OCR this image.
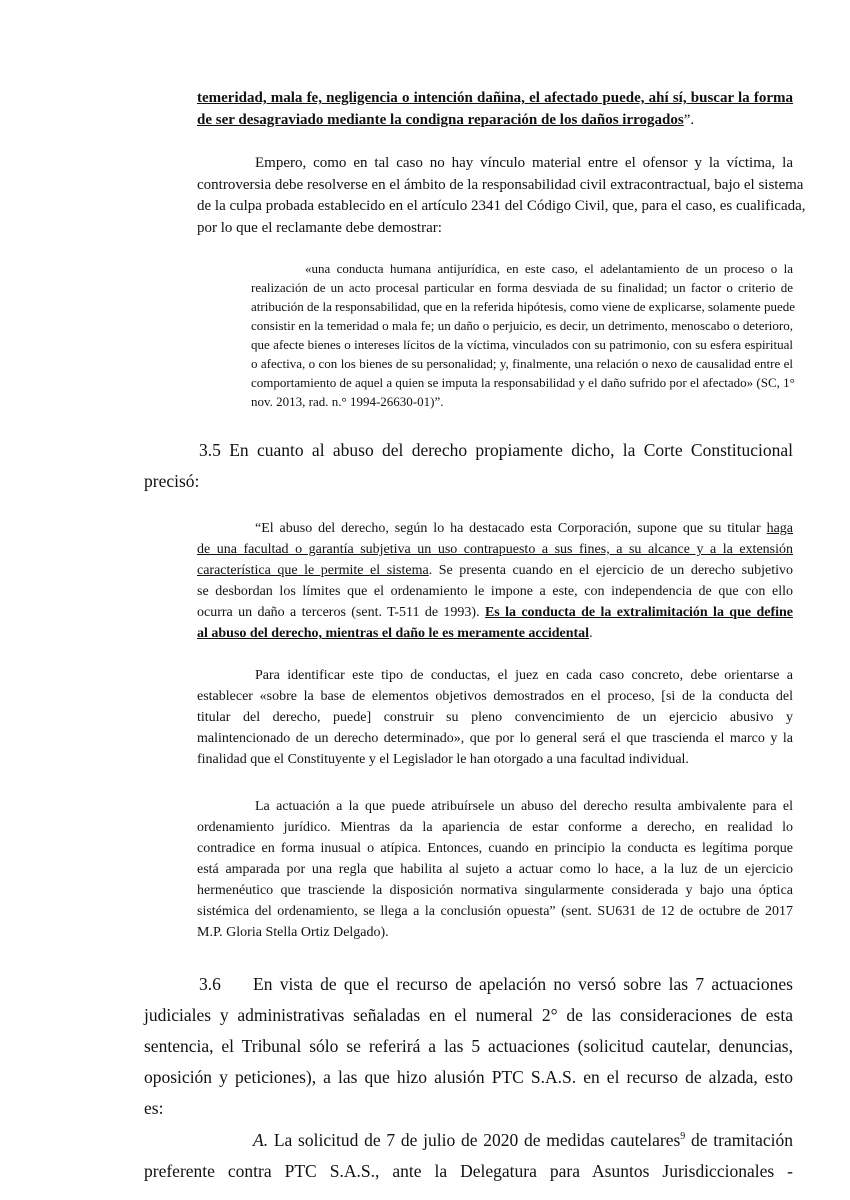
temeridad, mala fe, negligencia o intención dañina, el afectado puede, ahí sí, buscar la forma
de ser desagraviado mediante la condigna reparación de los daños irrogados”.

Empero, como en tal caso no hay vínculo material entre el ofensor y la víctima, la
controversia debe resolverse en el ámbito de la responsabilidad civil extracontractual, bajo el sistema
de la culpa probada establecido en el artículo 2341 del Código Civil, que, para el caso, es cualificada,
por lo que el reclamante debe demostrar:

«una conducta humana antijurídica, en este caso, el adelantamiento de un proceso o la
realización de un acto procesal particular en forma desviada de su finalidad; un factor o criterio de
atribución de la responsabilidad, que en la referida hipótesis, como viene de explicarse, solamente puede
consistir en la temeridad o mala fe; un daño o perjuicio, es decir, un detrimento, menoscabo o deterioro,
que afecte bienes o intereses lícitos de la víctima, vinculados con su patrimonio, con su esfera espiritual
o afectiva, o con los bienes de su personalidad; y, finalmente, una relación o nexo de causalidad entre el
comportamiento de aquel a quien se imputa la responsabilidad y el daño sufrido por el afectado» (SC, 1°
nov. 2013, rad. n.° 1994-26630-01)”.

3.5 En cuanto al abuso del derecho propiamente dicho, la Corte Constitucional
precisó:

“El abuso del derecho, según lo ha destacado esta Corporación, supone que su titular haga
de una facultad o garantía subjetiva un uso contrapuesto a sus fines, a su alcance y a la extensión
característica que le permite el sistema. Se presenta cuando en el ejercicio de un derecho subjetivo
se desbordan los límites que el ordenamiento le impone a este, con independencia de que con ello
ocurra un daño a terceros (sent. T-511 de 1993). Es la conducta de la extralimitación la que define
al abuso del derecho, mientras el daño le es meramente accidental.

Para identificar este tipo de conductas, el juez en cada caso concreto, debe orientarse a
establecer «sobre la base de elementos objetivos demostrados en el proceso, [si de la conducta del
titular del derecho, puede] construir su pleno convencimiento de un ejercicio abusivo y
malintencionado de un derecho determinado», que por lo general será el que trascienda el marco y la
finalidad que el Constituyente y el Legislador le han otorgado a una facultad individual.

La actuación a la que puede atribuírsele un abuso del derecho resulta ambivalente para el
ordenamiento jurídico. Mientras da la apariencia de estar conforme a derecho, en realidad lo
contradice en forma inusual o atípica. Entonces, cuando en principio la conducta es legítima porque
está amparada por una regla que habilita al sujeto a actuar como lo hace, a la luz de un ejercicio
hermenéutico que trasciende la disposición normativa singularmente considerada y bajo una óptica
sistémica del ordenamiento, se llega a la conclusión opuesta” (sent. SU631 de 12 de octubre de 2017
M.P. Gloria Stella Ortiz Delgado).

3.6	En vista de que el recurso de apelación no versó sobre las 7 actuaciones
judiciales y administrativas señaladas en el numeral 2° de las consideraciones de esta
sentencia, el Tribunal sólo se referirá a las 5 actuaciones (solicitud cautelar, denuncias,
oposición y peticiones), a las que hizo alusión PTC S.A.S. en el recurso de alzada, esto
es:

A. La solicitud de 7 de julio de 2020 de medidas cautelares$^9$ de tramitación
preferente contra PTC S.A.S., ante la Delegatura para Asuntos Jurisdiccionales -
